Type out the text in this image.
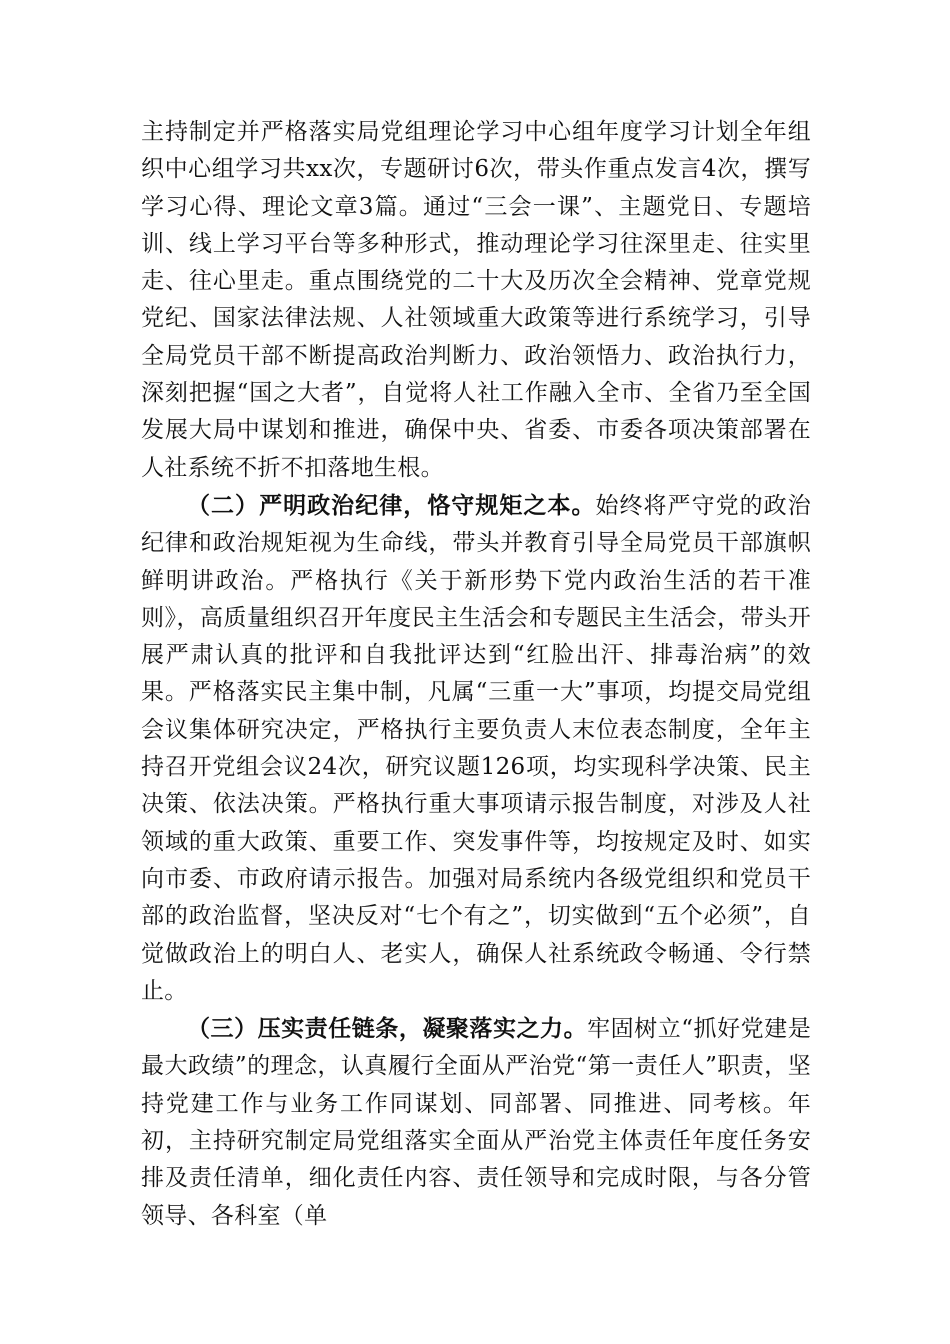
主持制定并严格落实局党组理论学习中心组年度学习计划全年组织中心组学习共xx次，专题研讨6次，带头作重点发言4次，撰写学习心得、理论文章3篇。通过“三会一课”、主题党日、专题培训、线上学习平台等多种形式，推动理论学习往深里走、往实里走、往心里走。重点围绕党的二十大及历次全会精神、党章党规党纪、国家法律法规、人社领域重大政策等进行系统学习，引导全局党员干部不断提高政治判断力、政治领悟力、政治执行力，深刻把握“国之大者”，自觉将人社工作融入全市、全省乃至全国发展大局中谋划和推进，确保中央、省委、市委各项决策部署在人社系统不折不扣落地生根。

（二）严明政治纪律，恪守规矩之本。始终将严守党的政治纪律和政治规矩视为生命线，带头并教育引导全局党员干部旗帜鲜明讲政治。严格执行《关于新形势下党内政治生活的若干准则》，高质量组织召开年度民主生活会和专题民主生活会，带头开展严肃认真的批评和自我批评达到“红脸出汗、排毒治病”的效果。严格落实民主集中制，凡属“三重一大”事项，均提交局党组会议集体研究决定，严格执行主要负责人末位表态制度，全年主持召开党组会议24次，研究议题126项，均实现科学决策、民主决策、依法决策。严格执行重大事项请示报告制度，对涉及人社领域的重大政策、重要工作、突发事件等，均按规定及时、如实向市委、市政府请示报告。加强对局系统内各级党组织和党员干部的政治监督，坚决反对“七个有之”，切实做到“五个必须”，自觉做政治上的明白人、老实人，确保人社系统政令畅通、令行禁止。

（三）压实责任链条，凝聚落实之力。牢固树立“抓好党建是最大政绩”的理念，认真履行全面从严治党“第一责任人”职责，坚持党建工作与业务工作同谋划、同部署、同推进、同考核。年初，主持研究制定局党组落实全面从严治党主体责任年度任务安排及责任清单，细化责任内容、责任领导和完成时限，与各分管领导、各科室（单
